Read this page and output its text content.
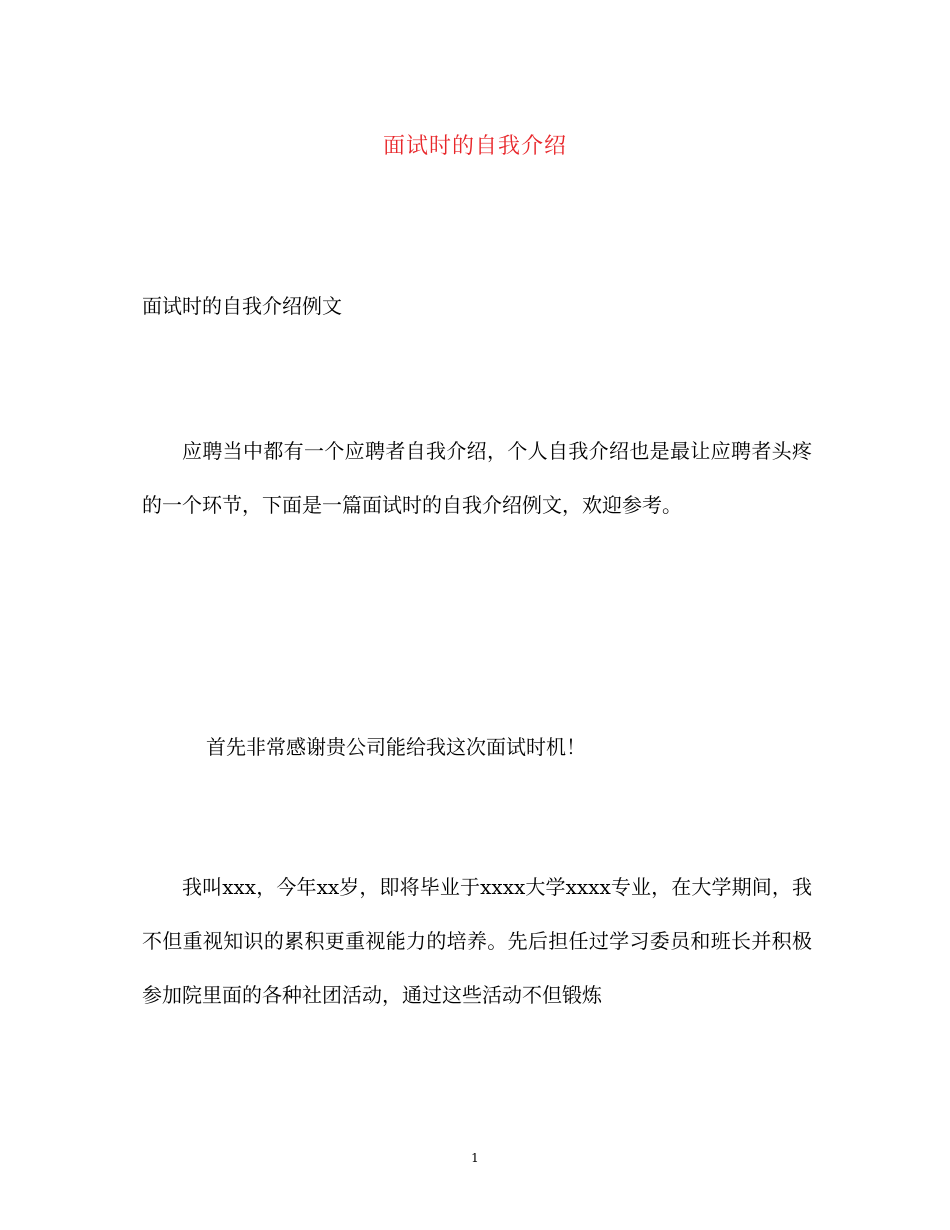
面试时的自我介绍
面试时的自我介绍例文
应聘当中都有一个应聘者自我介绍，个人自我介绍也是最让应聘者头疼的一个环节，下面是一篇面试时的自我介绍例文，欢迎参考。
首先非常感谢贵公司能给我这次面试时机！
我叫xxx，今年xx岁，即将毕业于xxxx大学xxxx专业，在大学期间，我不但重视知识的累积更重视能力的培养。先后担任过学习委员和班长并积极参加院里面的各种社团活动，通过这些活动不但锻炼
1
